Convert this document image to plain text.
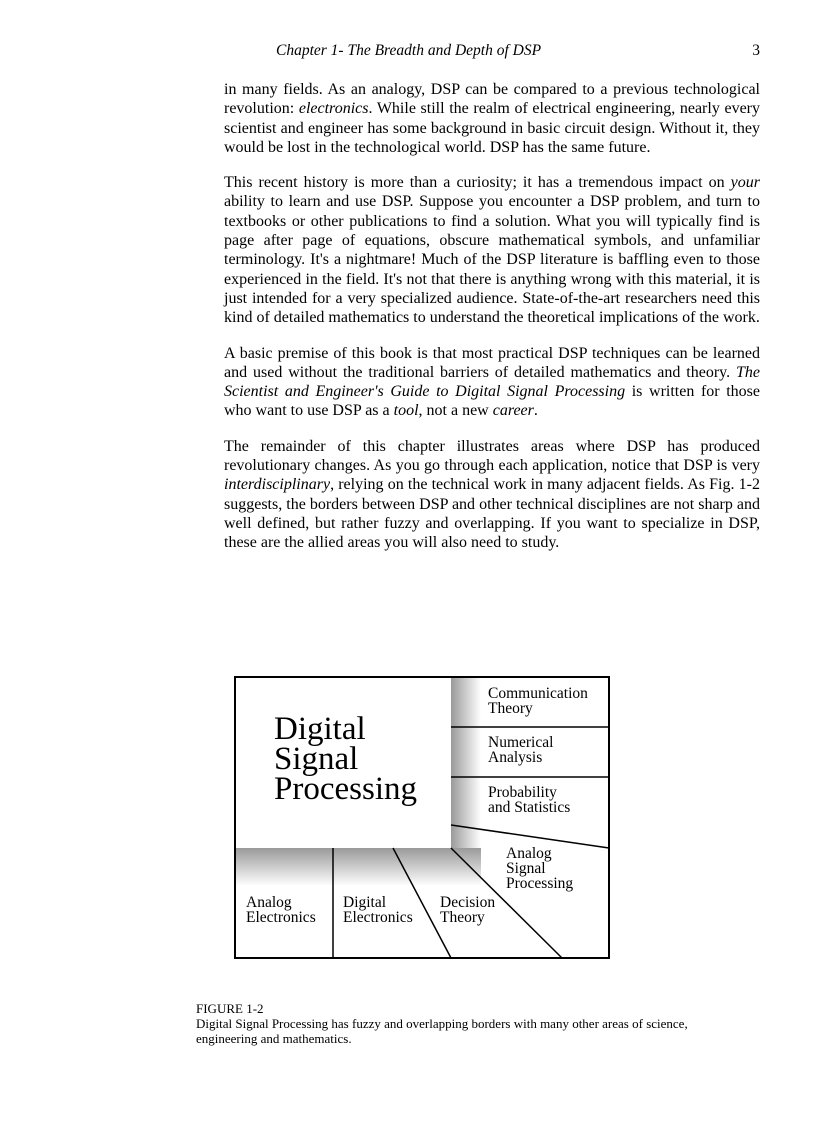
Chapter 1- The Breadth and Depth of DSP	3

in many fields. As an analogy, DSP can be compared to a previous technological revolution: electronics. While still the realm of electrical engineering, nearly every scientist and engineer has some background in basic circuit design. Without it, they would be lost in the technological world. DSP has the same future.

This recent history is more than a curiosity; it has a tremendous impact on your ability to learn and use DSP. Suppose you encounter a DSP problem, and turn to textbooks or other publications to find a solution. What you will typically find is page after page of equations, obscure mathematical symbols, and unfamiliar terminology. It's a nightmare! Much of the DSP literature is baffling even to those experienced in the field. It's not that there is anything wrong with this material, it is just intended for a very specialized audience. State-of-the-art researchers need this kind of detailed mathematics to understand the theoretical implications of the work.

A basic premise of this book is that most practical DSP techniques can be learned and used without the traditional barriers of detailed mathematics and theory. The Scientist and Engineer's Guide to Digital Signal Processing is written for those who want to use DSP as a tool, not a new career.

The remainder of this chapter illustrates areas where DSP has produced revolutionary changes. As you go through each application, notice that DSP is very interdisciplinary, relying on the technical work in many adjacent fields. As Fig. 1-2 suggests, the borders between DSP and other technical disciplines are not sharp and well defined, but rather fuzzy and overlapping. If you want to specialize in DSP, these are the allied areas you will also need to study.

Digital
Signal
Processing
Communication
Theory
Numerical
Analysis
Probability
and Statistics
Analog
Signal
Processing
Decision
Theory
Digital
Electronics
Analog
Electronics
FIGURE 1-2
Digital Signal Processing has fuzzy and overlapping borders with many other areas of science, engineering and mathematics.
